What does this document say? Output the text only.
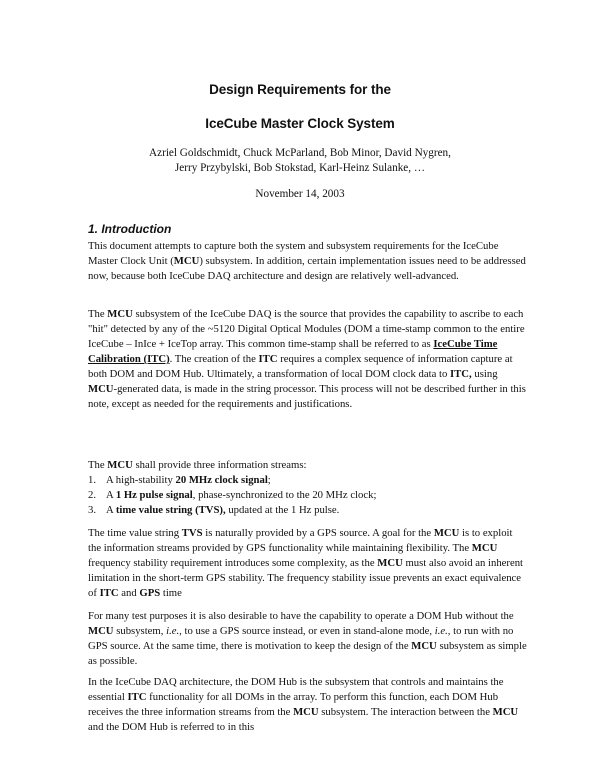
Design Requirements for the
IceCube Master Clock System
Azriel Goldschmidt, Chuck McParland, Bob Minor, David Nygren,
Jerry Przybylski, Bob Stokstad, Karl-Heinz Sulanke, …
November 14, 2003
1. Introduction

This document attempts to capture both the system and subsystem requirements for the IceCube Master Clock Unit (MCU) subsystem. In addition, certain implementation issues need to be addressed now, because both IceCube DAQ architecture and design are relatively well-advanced.

The MCU subsystem of the IceCube DAQ is the source that provides the capability to ascribe to each "hit" detected by any of the ~5120 Digital Optical Modules (DOM a time-stamp common to the entire IceCube – InIce + IceTop array. This common time-stamp shall be referred to as IceCube Time Calibration (ITC). The creation of the ITC requires a complex sequence of information capture at both DOM and DOM Hub. Ultimately, a transformation of local DOM clock data to ITC, using MCU-generated data, is made in the string processor. This process will not be described further in this note, except as needed for the requirements and justifications.

The MCU shall provide three information streams:

1. A high-stability 20 MHz clock signal;
2. A 1 Hz pulse signal, phase-synchronized to the 20 MHz clock;
3. A time value string (TVS), updated at the 1 Hz pulse.

The time value string TVS is naturally provided by a GPS source. A goal for the MCU is to exploit the information streams provided by GPS functionality while maintaining flexibility. The MCU frequency stability requirement introduces some complexity, as the MCU must also avoid an inherent limitation in the short-term GPS stability. The frequency stability issue prevents an exact equivalence of ITC and GPS time

For many test purposes it is also desirable to have the capability to operate a DOM Hub without the MCU subsystem, i.e., to use a GPS source instead, or even in stand-alone mode, i.e., to run with no GPS source. At the same time, there is motivation to keep the design of the MCU subsystem as simple as possible.

In the IceCube DAQ architecture, the DOM Hub is the subsystem that controls and maintains the essential ITC functionality for all DOMs in the array. To perform this function, each DOM Hub receives the three information streams from the MCU subsystem. The interaction between the MCU and the DOM Hub is referred to in this
